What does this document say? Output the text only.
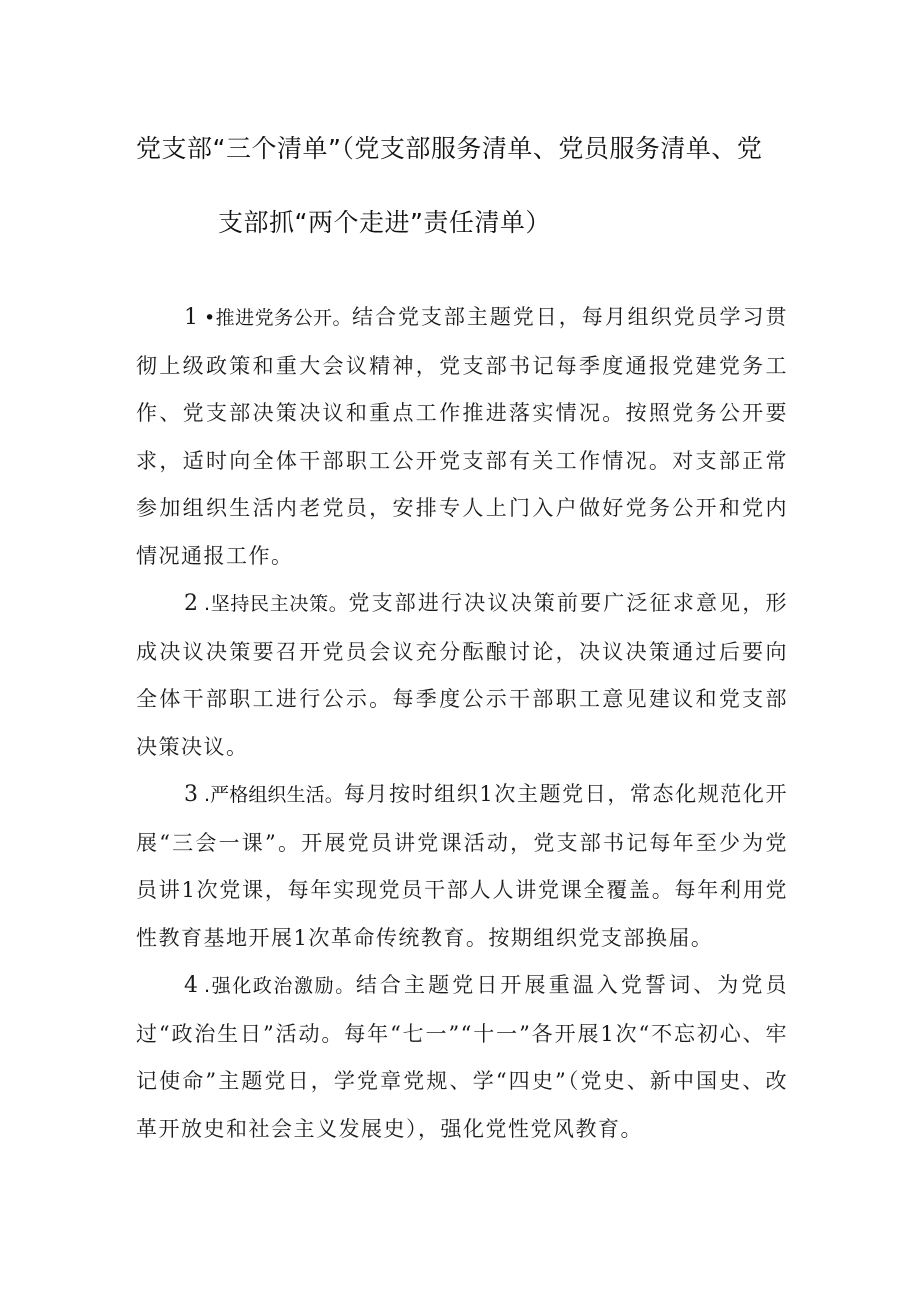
党支部“三个清单”（党支部服务清单、党员服务清单、党
支部抓“两个走进”责任清单）

1 •推进党务公开。结合党支部主题党日，每月组织党员学习贯彻上级政策和重大会议精神，党支部书记每季度通报党建党务工作、党支部决策决议和重点工作推进落实情况。按照党务公开要求，适时向全体干部职工公开党支部有关工作情况。对支部正常参加组织生活内老党员，安排专人上门入户做好党务公开和党内情况通报工作。

2 .坚持民主决策。党支部进行决议决策前要广泛征求意见，形成决议决策要召开党员会议充分酝酿讨论，决议决策通过后要向全体干部职工进行公示。每季度公示干部职工意见建议和党支部决策决议。

3 .严格组织生活。每月按时组织1次主题党日，常态化规范化开展“三会一课”。开展党员讲党课活动，党支部书记每年至少为党员讲1次党课，每年实现党员干部人人讲党课全覆盖。每年利用党性教育基地开展1次革命传统教育。按期组织党支部换届。

4 .强化政治激励。结合主题党日开展重温入党誓词、为党员过“政治生日”活动。每年“七一”“十一”各开展1次“不忘初心、牢记使命”主题党日，学党章党规、学“四史”（党史、新中国史、改革开放史和社会主义发展史），强化党性党风教育。
